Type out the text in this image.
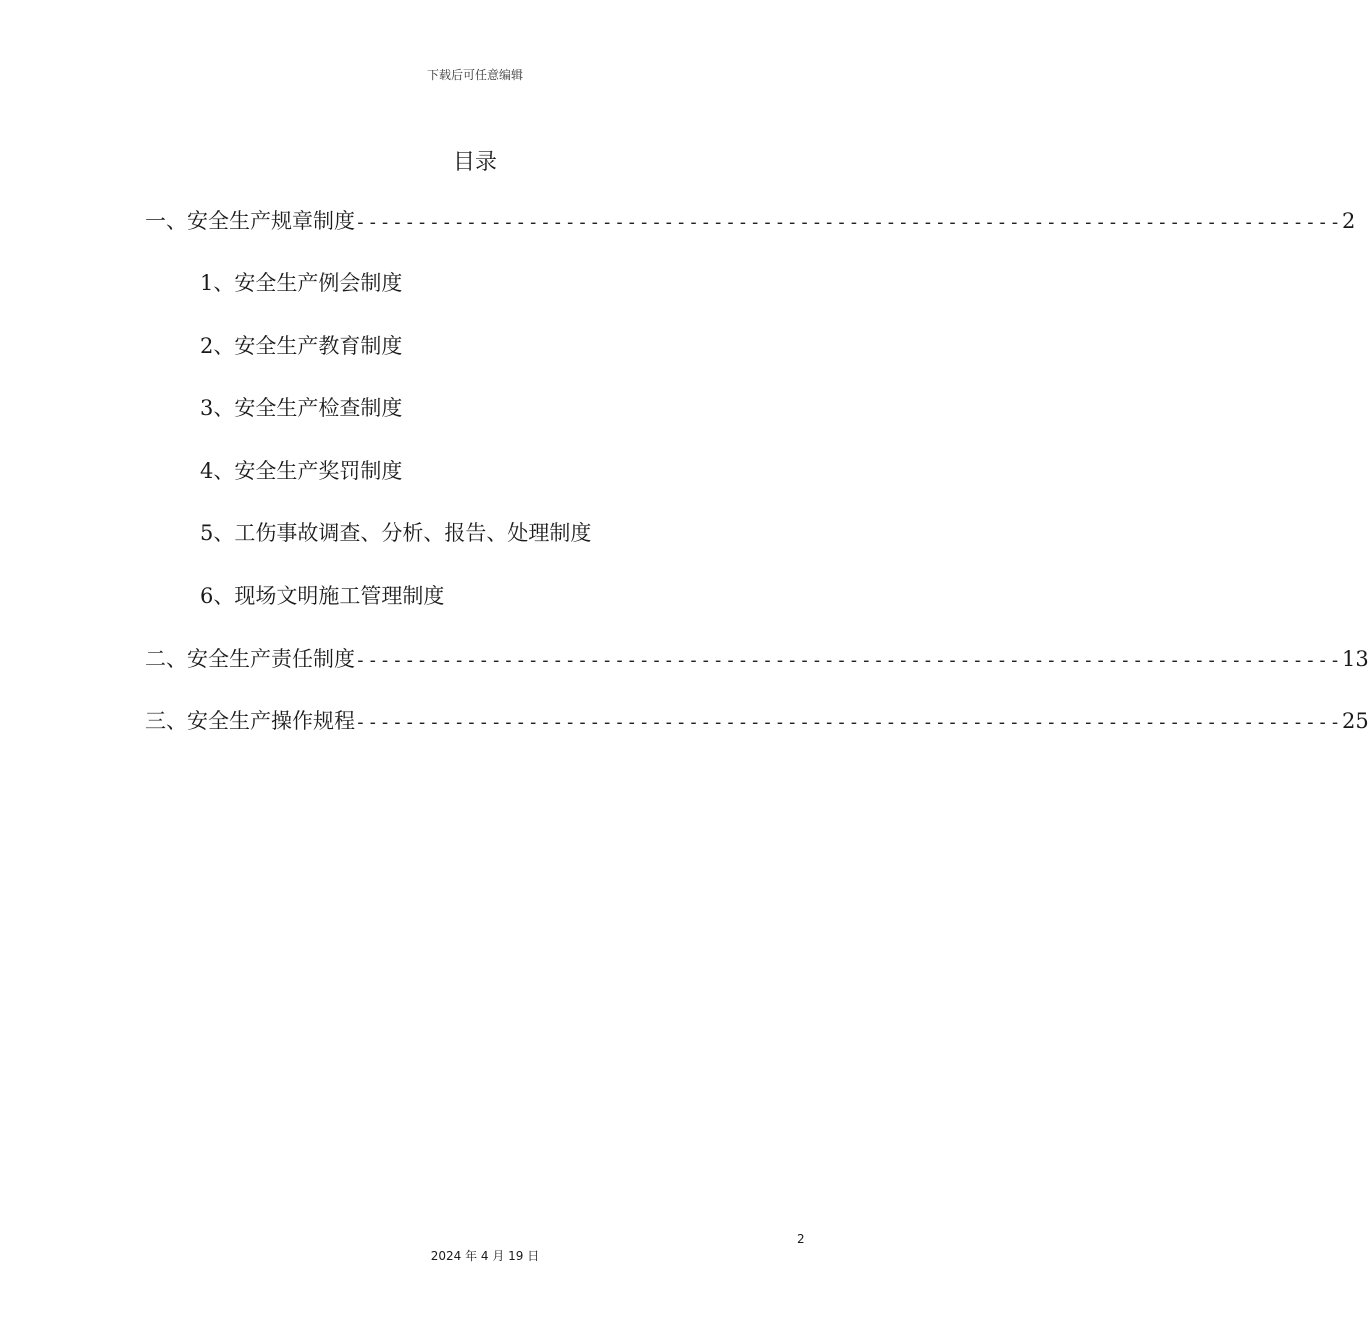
下载后可任意编辑
目录
一、安全生产规章制度 -------------------------------------------------------------------------------- 2
1、安全生产例会制度
2、安全生产教育制度
3、安全生产检查制度
4、安全生产奖罚制度
5、工伤事故调查、分析、报告、处理制度
6、现场文明施工管理制度
二、安全生产责任制度 -------------------------------------------------------------------------------- 13
三、安全生产操作规程 -------------------------------------------------------------------------------- 25
2
2024 年 4 月 19 日
